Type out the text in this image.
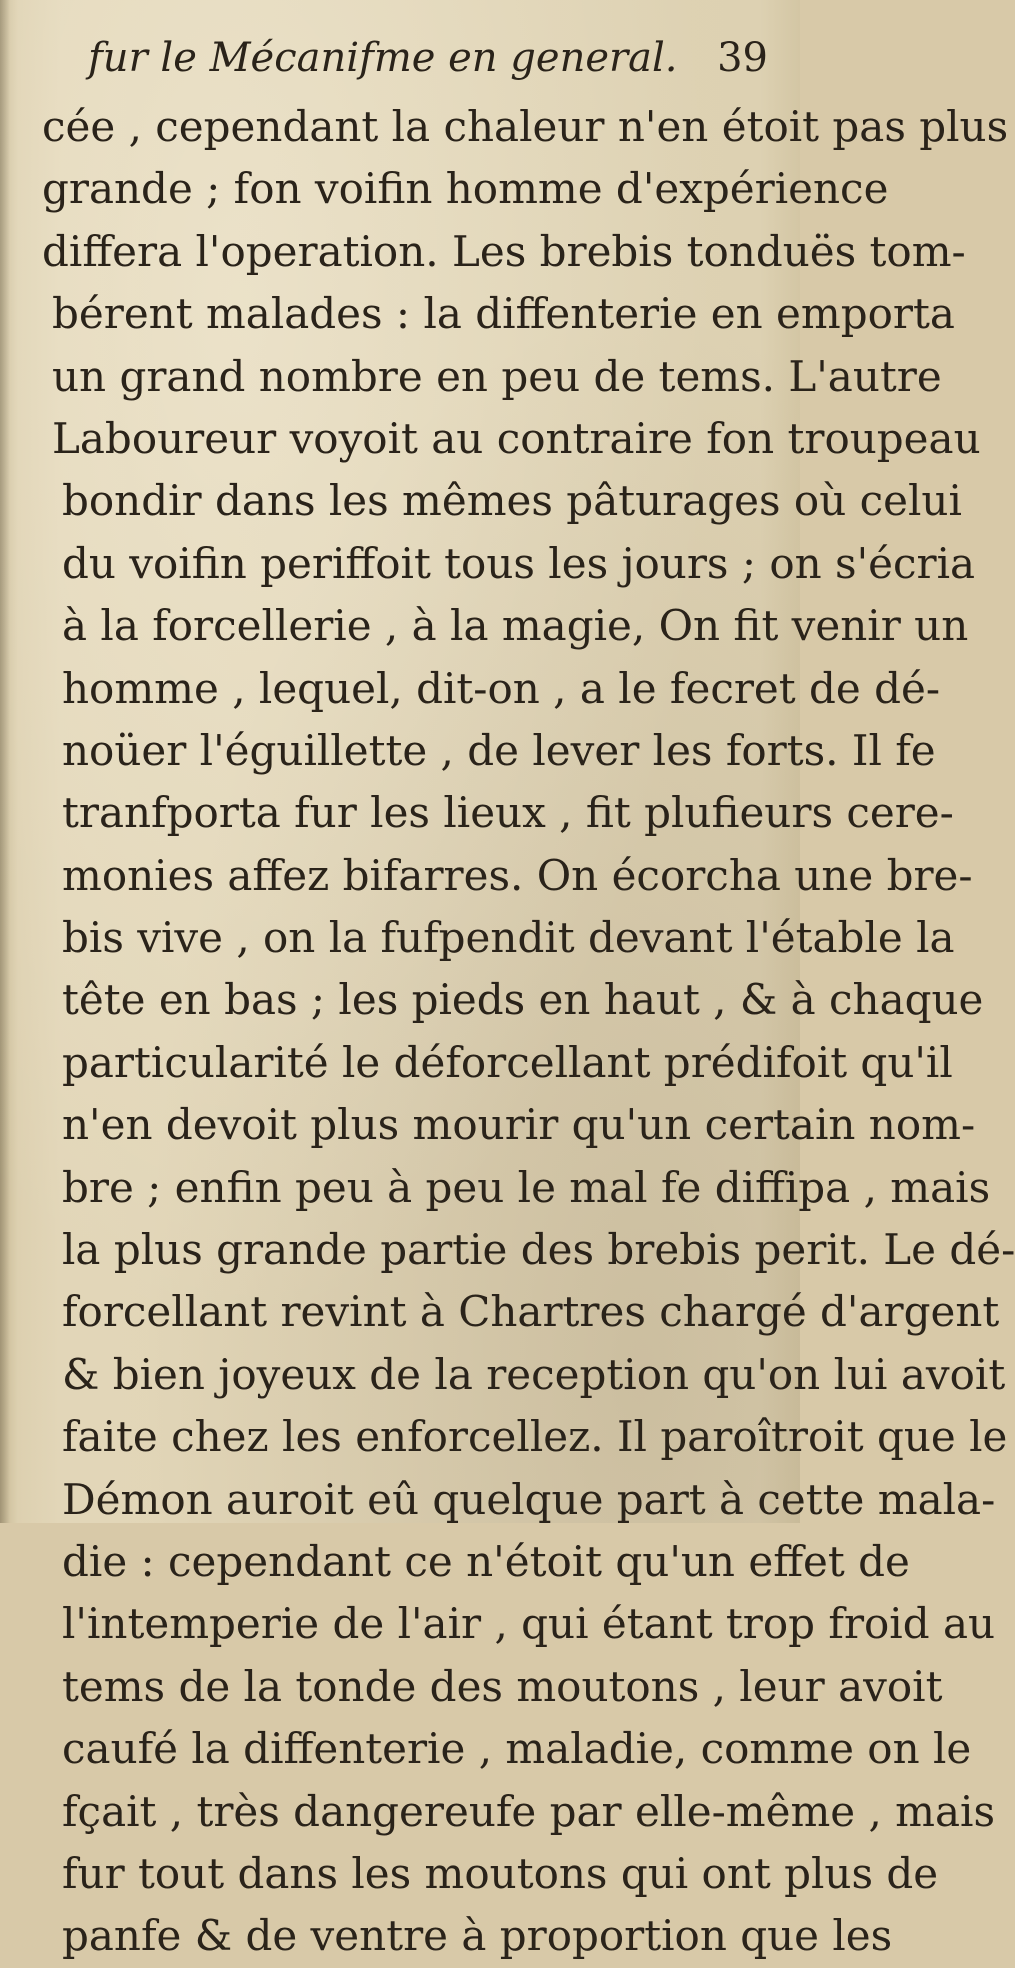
fur le Mécanifme en general. 39
cée , cependant la chaleur n'en étoit pas plus
grande ; fon voifin homme d'expérience
differa l'operation. Les brebis tonduës tom-
bérent malades : la diffenterie en emporta
un grand nombre en peu de tems. L'autre
Laboureur voyoit au contraire fon troupeau
bondir dans les mêmes pâturages où celui
du voifin periffoit tous les jours ; on s'écria
à la forcellerie , à la magie, On fit venir un
homme , lequel, dit-on , a le fecret de dé-
noüer l'éguillette , de lever les forts. Il fe
tranfporta fur les lieux , fit plufieurs cere-
monies affez bifarres. On écorcha une bre-
bis vive , on la fufpendit devant l'étable la
tête en bas ; les pieds en haut , & à chaque
particularité le déforcellant prédifoit qu'il
n'en devoit plus mourir qu'un certain nom-
bre ; enfin peu à peu le mal fe diffipa , mais
la plus grande partie des brebis perit. Le dé-
forcellant revint à Chartres chargé d'argent
& bien joyeux de la reception qu'on lui avoit
faite chez les enforcellez. Il paroîtroit que le
Démon auroit eû quelque part à cette mala-
die : cependant ce n'étoit qu'un effet de
l'intemperie de l'air , qui étant trop froid au
tems de la tonde des moutons , leur avoit
caufé la diffenterie , maladie, comme on le
fçait , très dangereufe par elle-même , mais
fur tout dans les moutons qui ont plus de
panfe & de ventre à proportion que les
